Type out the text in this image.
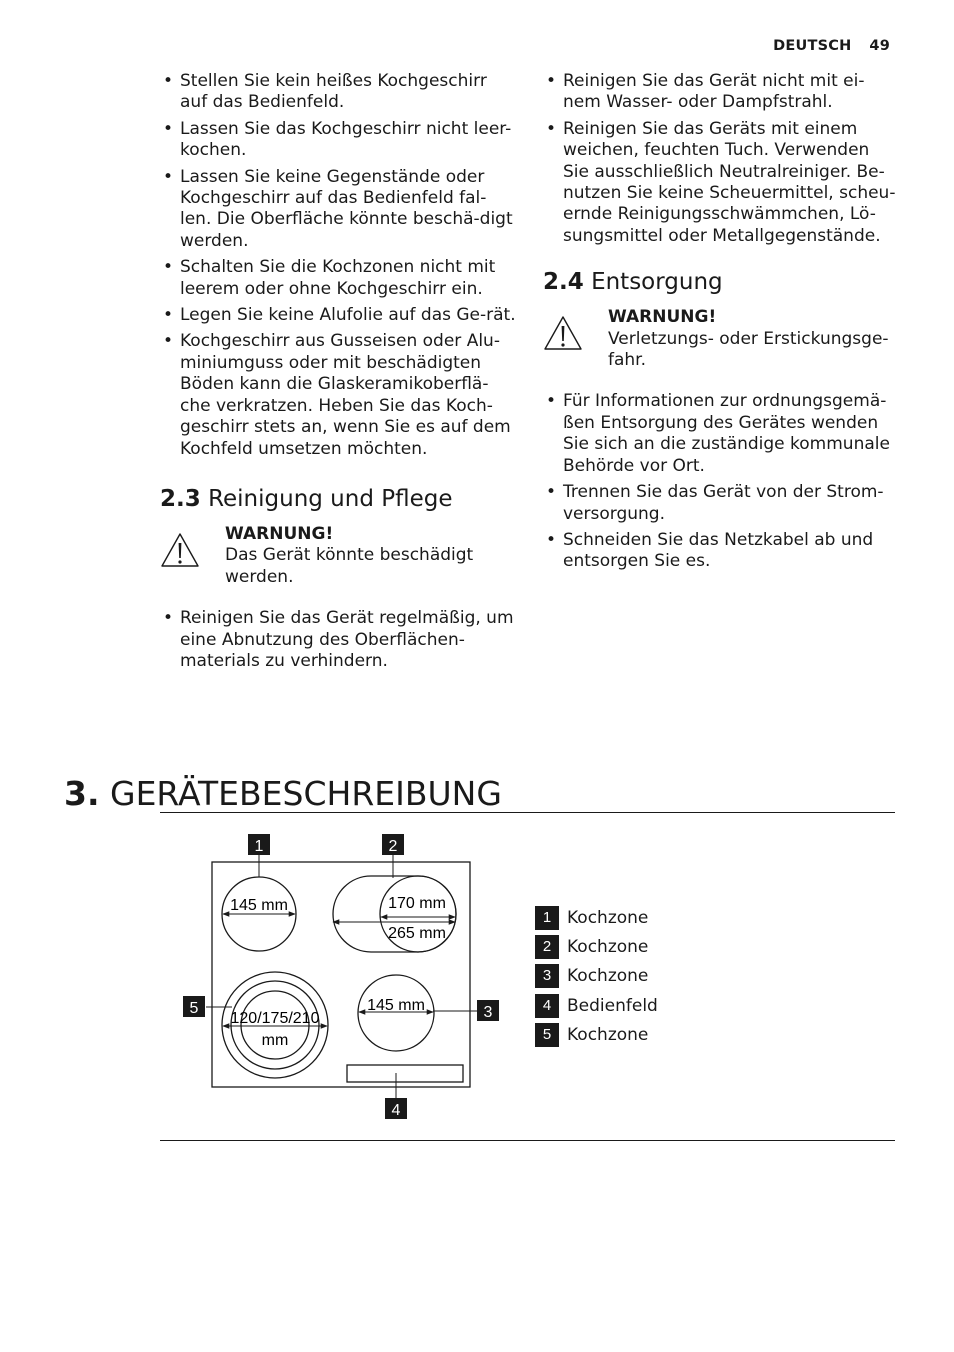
DEUTSCH 49
• Stellen Sie kein heißes Kochgeschirr auf das Bedienfeld.
• Lassen Sie das Kochgeschirr nicht leer-kochen.
• Lassen Sie keine Gegenstände oder Kochgeschirr auf das Bedienfeld fal-len. Die Oberfläche könnte beschä-digt werden.
• Schalten Sie die Kochzonen nicht mit leerem oder ohne Kochgeschirr ein.
• Legen Sie keine Alufolie auf das Ge-rät.
• Kochgeschirr aus Gusseisen oder Alu-miniumguss oder mit beschädigten Böden kann die Glaskeramikoberflä-che verkratzen. Heben Sie das Koch-geschirr stets an, wenn Sie es auf dem Kochfeld umsetzen möchten.
2.3 Reinigung und Pflege
WARNUNG!
Das Gerät könnte beschädigt werden.
• Reinigen Sie das Gerät regelmäßig, um eine Abnutzung des Oberflächen-materials zu verhindern.
• Reinigen Sie das Gerät nicht mit ei-nem Wasser- oder Dampfstrahl.
• Reinigen Sie das Geräts mit einem weichen, feuchten Tuch. Verwenden Sie ausschließlich Neutralreiniger. Be-nutzen Sie keine Scheuermittel, scheu-ernde Reinigungsschwämmchen, Lö-sungsmittel oder Metallgegenstände.
2.4 Entsorgung
WARNUNG!
Verletzungs- oder Erstickungsge-fahr.
• Für Informationen zur ordnungsgemä-ßen Entsorgung des Gerätes wenden Sie sich an die zuständige kommunale Behörde vor Ort.
• Trennen Sie das Gerät von der Strom-versorgung.
• Schneiden Sie das Netzkabel ab und entsorgen Sie es.
3. GERÄTEBESCHREIBUNG
145 mm	170 mm
265 mm
120/175/210
mm
145 mm
1	2
3
4
5
1 Kochzone
2 Kochzone
3 Kochzone
4 Bedienfeld
5 Kochzone
